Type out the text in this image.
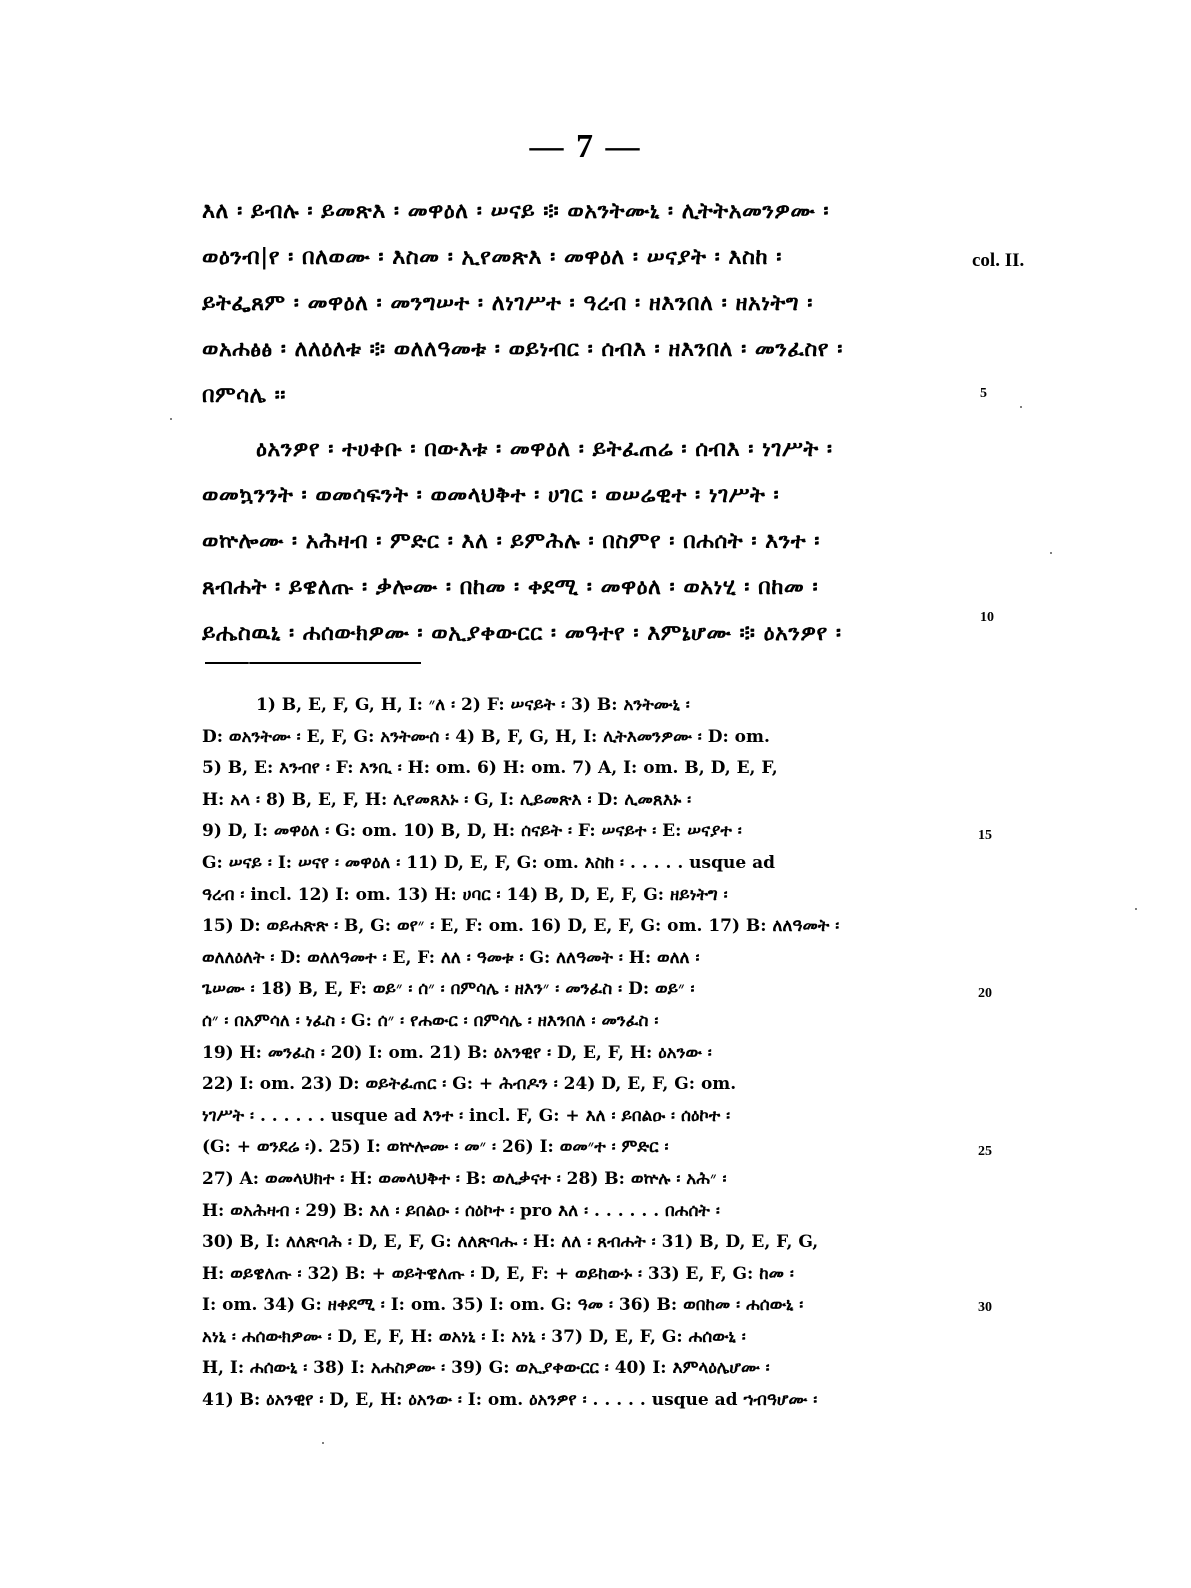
— 7 —
col. II.
5
10
እለ ፡ ይብሉ ፡ ይመጽእ ፡ መዋዕለ ፡ ሠናይ ፨ ወአንትሙኒ ፡ ሊትትአመንዎሙ ፡
ወዕንብ|የ ፡ በለወሙ ፡ እስመ ፡ ኢየመጽእ ፡ መዋዕለ ፡ ሠናያት ፡ እስከ ፡
ይትፌጸም ፡ መዋዕለ ፡ መንግሠተ ፡ ለነገሥተ ፡ ዓረብ ፡ ዘእንበለ ፡ ዘአነትግ ፡
ወአሐፅፅ ፡ ለለዕለቱ ፨ ወለለዓመቱ ፡ ወይነብር ፡ ሰብእ ፡ ዘእንበለ ፡ መንፈስየ ፡
በምሳሌ ፡፡
ዕአንዎየ ፡ ተሀቀቡ ፡ በውእቱ ፡ መዋዕለ ፡ ይትፈጠሬ ፡ ሰብእ ፡ ነገሥት ፡
ወመኳንንት ፡ ወመሳፍንት ፡ ወመላህቅተ ፡ ሀገር ፡ ወሠሬዊተ ፡ ነገሥት ፡
ወኵሎሙ ፡ አሕዛብ ፡ ምድር ፡ እለ ፡ ይምሕሉ ፡ በስምየ ፡ በሐሰት ፡ እንተ ፡
ጸብሐት ፡ ይዌለጡ ፡ ቃሎሙ ፡ በከመ ፡ ቀደሚ ፡ መዋዕለ ፡ ወአነሂ ፡ በከመ ፡
ይሔስዉኒ ፡ ሐሰውክዎሙ ፡ ወኢያቀውርር ፡ መዓተየ ፡ እምኔሆሙ ፨ ዕአንዎየ ፡
15
20
25
30
1) B, E, F, G, H, I: ״ለ ፡ 2) F: ሠናይት ፡ 3) B: አንትሙኒ ፡
D: ወአንትሙ ፡ E, F, G: አንትሙሰ ፡ 4) B, F, G, H, I: ሊትእመንዎሙ ፡ D: om.
5) B, E: እንብየ ፡ F: እንቢ ፡ H: om. 6) H: om. 7) A, I: om. B, D, E, F,
H: አላ ፡ 8) B, E, F, H: ሊየመጸእኑ ፡ G, I: ሊይመጽእ ፡ D: ሊመጸእኑ ፡
9) D, I: መዋዕለ ፡ G: om. 10) B, D, H: ሰናይት ፡ F: ሠናይተ ፡ E: ሠናያተ ፡
G: ሠናይ ፡ I: ሠናየ ፡ መዋዕለ ፡ 11) D, E, F, G: om. እስከ ፡ . . . . . usque ad
ዓረብ ፡ incl. 12) I: om. 13) H: ሀባር ፡ 14) B, D, E, F, G: ዘይነትግ ፡
15) D: ወይሐጽጽ ፡ B, G: ወየ״ ፡ E, F: om. 16) D, E, F, G: om. 17) B: ለለዓመት ፡
ወለለዕለት ፡ D: ወለለዓመተ ፡ E, F: ለለ ፡ ዓመቱ ፡ G: ለለዓመት ፡ H: ወለለ ፡
ጌሠሙ ፡ 18) B, E, F: ወይ״ ፡ ሰ״ ፡ በምሳሌ ፡ ዘእን״ ፡ መንፈስ ፡ D: ወይ״ ፡
ሰ״ ፡ በአምሳለ ፡ ነፈስ ፡ G: ሰ״ ፡ የሐውር ፡ በምሳሌ ፡ ዘእንበለ ፡ መንፈስ ፡
19) H: መንፈስ ፡ 20) I: om. 21) B: ዕአንዊየ ፡ D, E, F, H: ዕአንው ፡
22) I: om. 23) D: ወይትፈጠር ፡ G: + ሕብዶን ፡ 24) D, E, F, G: om.
ነገሥት ፡ . . . . . . usque ad እንተ ፡ incl. F, G: + እለ ፡ ይበልዑ ፡ ሰዕኮተ ፡
(G: + ወንደሬ ፡). 25) I: ወኵሎሙ ፡ መ״ ፡ 26) I: ወመ״ተ ፡ ምድር ፡
27) A: ወመላህክተ ፡ H: ወመላህቅተ ፡ B: ወሊቃናተ ፡ 28) B: ወኵሉ ፡ አሕ״ ፡
H: ወአሕዛብ ፡ 29) B: እለ ፡ ይበልዑ ፡ ሰዕኮተ ፡ pro እለ ፡ . . . . . . በሐሰት ፡
30) B, I: ለለጽባሕ ፡ D, E, F, G: ለለጽባሑ ፡ H: ለለ ፡ ጸብሐት ፡ 31) B, D, E, F, G,
H: ወይዌለጡ ፡ 32) B: + ወይትዌለጡ ፡ D, E, F: + ወይከውኑ ፡ 33) E, F, G: ከመ ፡
I: om. 34) G: ዘቀደሚ ፡ I: om. 35) I: om. G: ዓመ ፡ 36) B: ወበከመ ፡ ሐሰውኒ ፡
አነኒ ፡ ሐሰውክዎሙ ፡ D, E, F, H: ወአነኒ ፡ I: አነኒ ፡ 37) D, E, F, G: ሐሰውኒ ፡
H, I: ሐሰውኒ ፡ 38) I: አሐስዎሙ ፡ 39) G: ወኢያቀውርር ፡ 40) I: እምላዕሌሆሙ ፡
41) B: ዕአንዊየ ፡ D, E, H: ዕአንው ፡ I: om. ዕአንዎየ ፡ . . . . . usque ad ኀብዓሆሙ ፡
